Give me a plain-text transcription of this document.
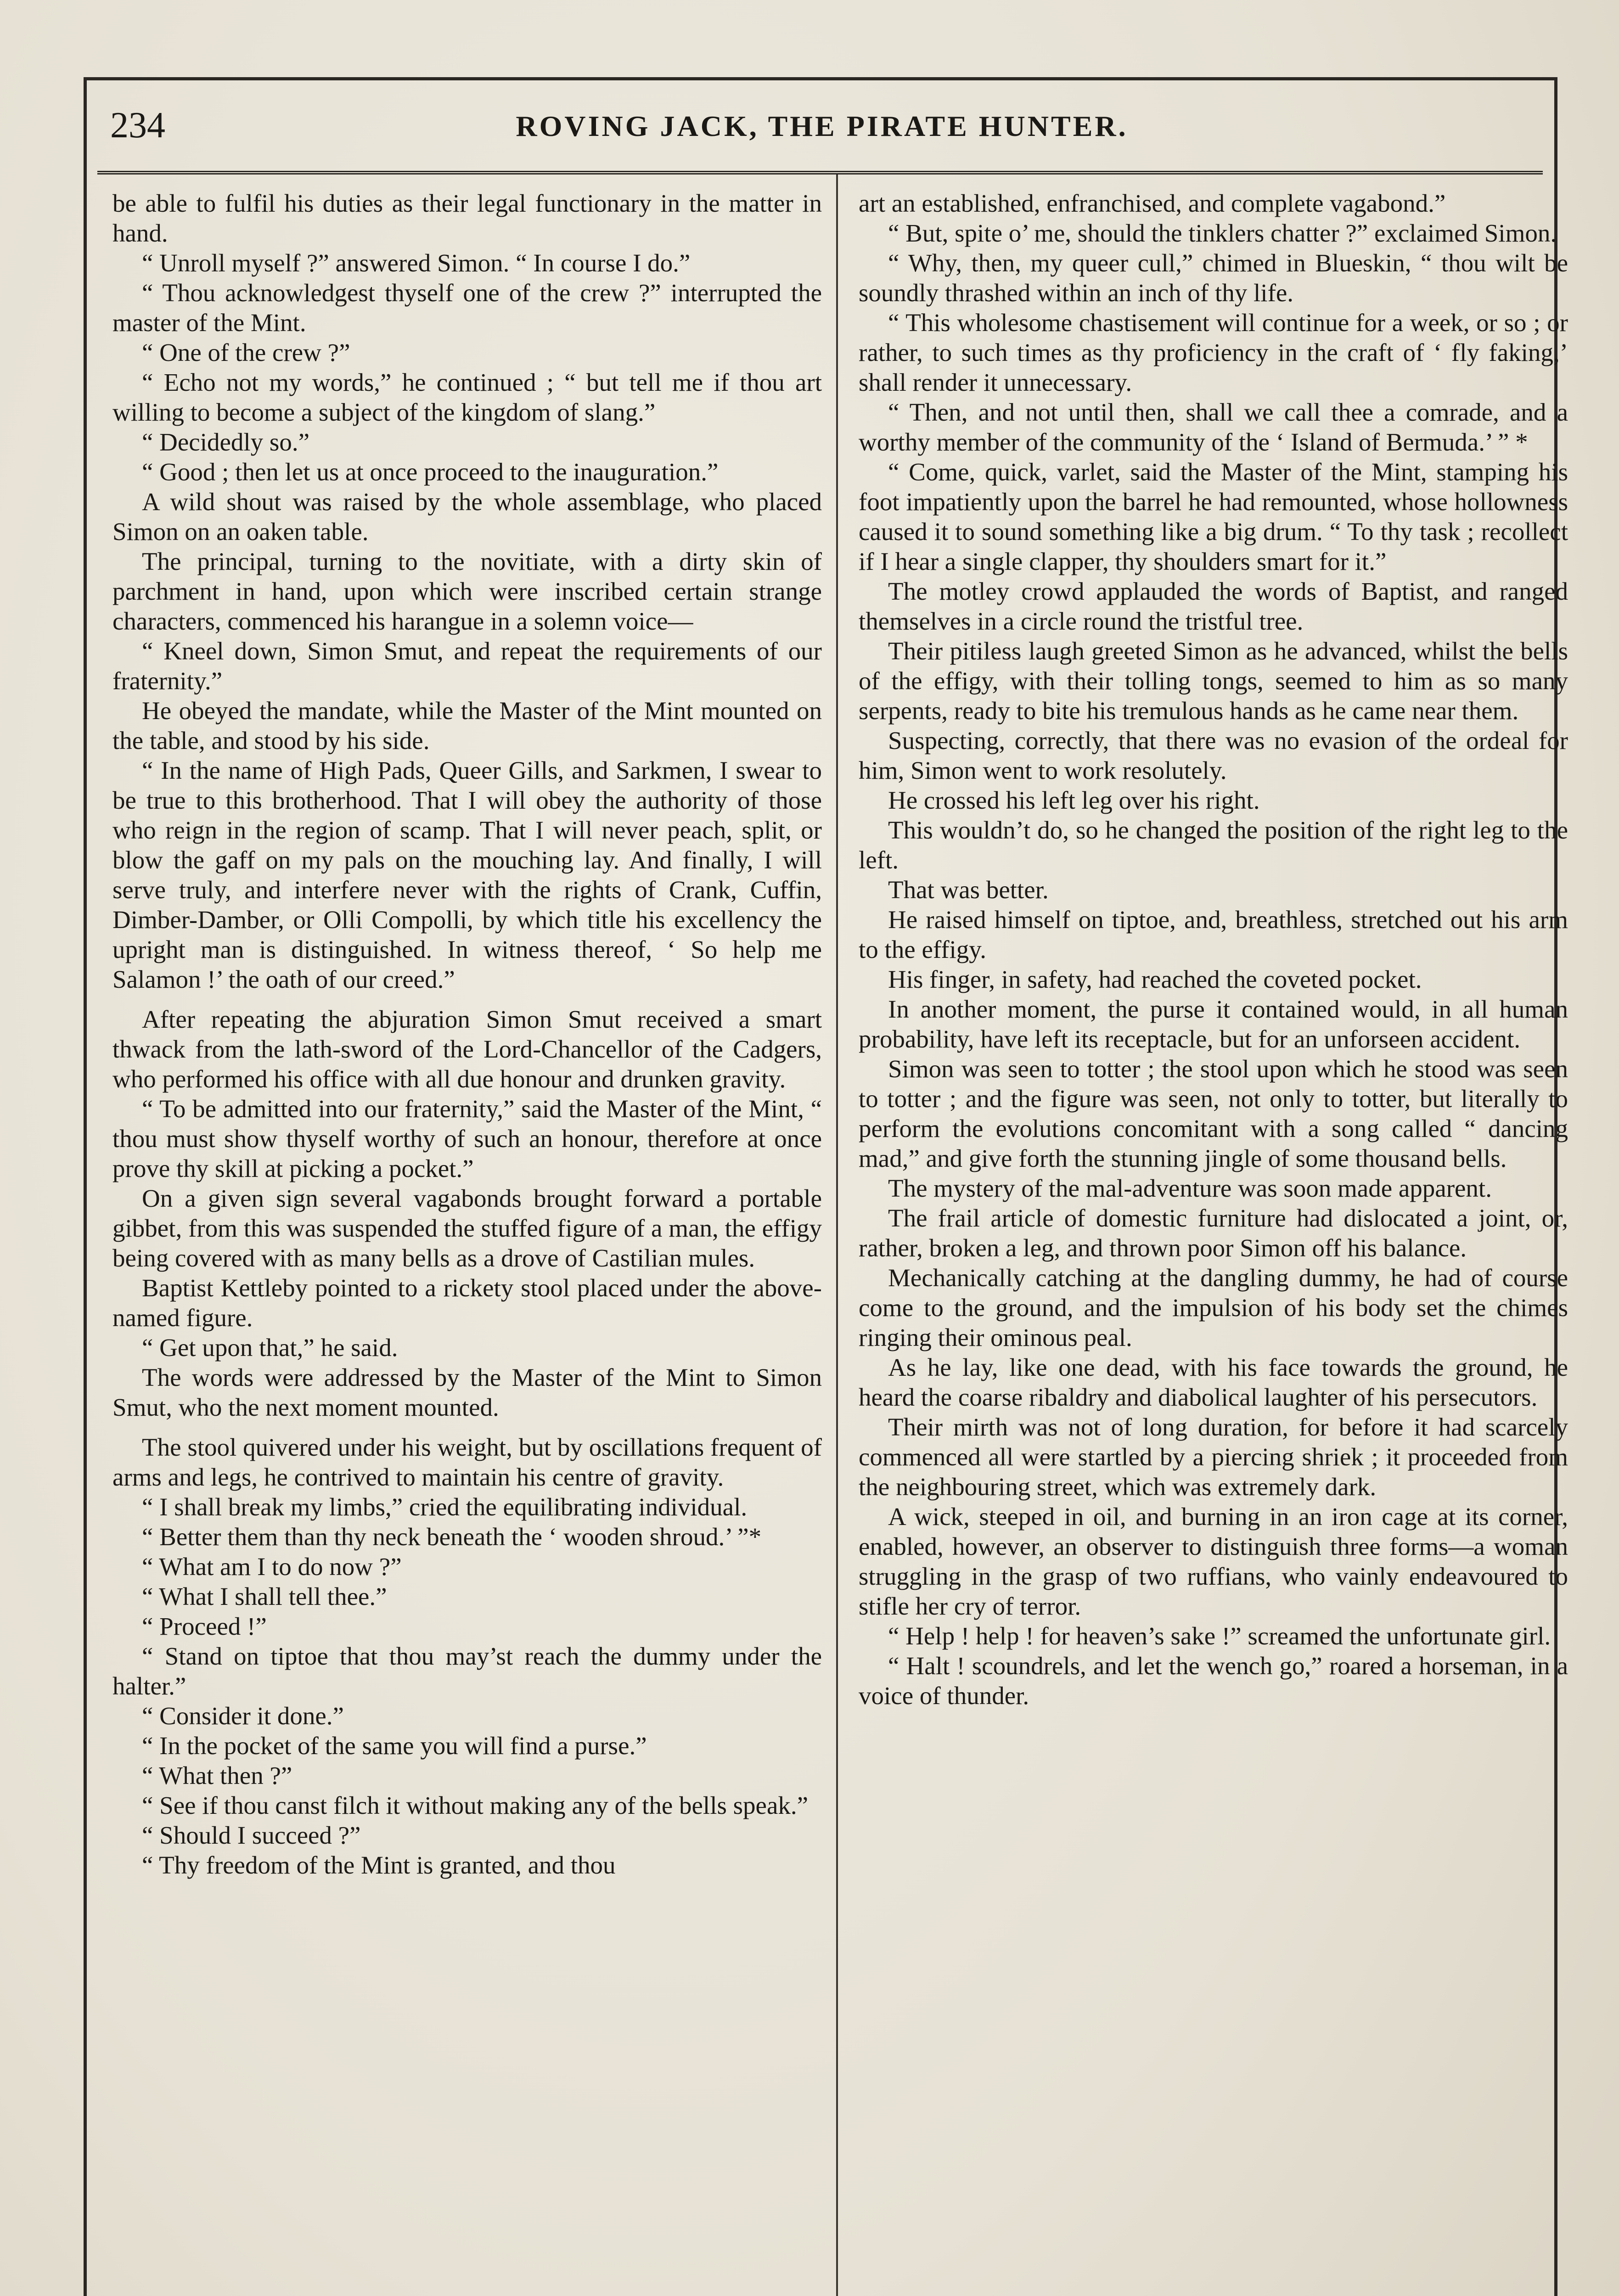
234	ROVING JACK, THE PIRATE HUNTER.

be able to fulfil his duties as their legal functionary in the matter in hand.

“ Unroll myself ?” answered Simon. “ In course I do.”

“ Thou acknowledgest thyself one of the crew ?” interrupted the master of the Mint.

“ One of the crew ?”

“ Echo not my words,” he continued ; “ but tell me if thou art willing to become a subject of the kingdom of slang.”

“ Decidedly so.”

“ Good ; then let us at once proceed to the inauguration.”

A wild shout was raised by the whole assemblage, who placed Simon on an oaken table.

The principal, turning to the novitiate, with a dirty skin of parchment in hand, upon which were inscribed certain strange characters, commenced his harangue in a solemn voice—

“ Kneel down, Simon Smut, and repeat the requirements of our fraternity.”

He obeyed the mandate, while the Master of the Mint mounted on the table, and stood by his side.

“ In the name of High Pads, Queer Gills, and Sarkmen, I swear to be true to this brotherhood. That I will obey the authority of those who reign in the region of scamp. That I will never peach, split, or blow the gaff on my pals on the mouching lay. And finally, I will serve truly, and interfere never with the rights of Crank, Cuffin, Dimber-Damber, or Olli Compolli, by which title his excellency the upright man is distinguished. In witness thereof, ‘ So help me Salamon !’ the oath of our creed.”

After repeating the abjuration Simon Smut received a smart thwack from the lath-sword of the Lord-Chancellor of the Cadgers, who performed his office with all due honour and drunken gravity.

“ To be admitted into our fraternity,” said the Master of the Mint, “ thou must show thyself worthy of such an honour, therefore at once prove thy skill at picking a pocket.”

On a given sign several vagabonds brought forward a portable gibbet, from this was suspended the stuffed figure of a man, the effigy being covered with as many bells as a drove of Castilian mules.

Baptist Kettleby pointed to a rickety stool placed under the above-named figure.

“ Get upon that,” he said.

The words were addressed by the Master of the Mint to Simon Smut, who the next moment mounted.

The stool quivered under his weight, but by oscillations frequent of arms and legs, he contrived to maintain his centre of gravity.

“ I shall break my limbs,” cried the equilibrating individual.

“ Better them than thy neck beneath the ‘ wooden shroud.’ ”*

“ What am I to do now ?”

“ What I shall tell thee.”

“ Proceed !”

“ Stand on tiptoe that thou may’st reach the dummy under the halter.”

“ Consider it done.”

“ In the pocket of the same you will find a purse.”

“ What then ?”

“ See if thou canst filch it without making any of the bells speak.”

“ Should I succeed ?”

“ Thy freedom of the Mint is granted, and thou

art an established, enfranchised, and complete vagabond.”

“ But, spite o’ me, should the tinklers chatter ?” exclaimed Simon.

“ Why, then, my queer cull,” chimed in Blueskin, “ thou wilt be soundly thrashed within an inch of thy life.

“ This wholesome chastisement will continue for a week, or so ; or rather, to such times as thy proficiency in the craft of ‘ fly faking,’ shall render it unnecessary.

“ Then, and not until then, shall we call thee a comrade, and a worthy member of the community of the ‘ Island of Bermuda.’ ” *

“ Come, quick, varlet, said the Master of the Mint, stamping his foot impatiently upon the barrel he had remounted, whose hollowness caused it to sound something like a big drum. “ To thy task ; recollect if I hear a single clapper, thy shoulders smart for it.”

The motley crowd applauded the words of Baptist, and ranged themselves in a circle round the tristful tree.

Their pitiless laugh greeted Simon as he advanced, whilst the bells of the effigy, with their tolling tongs, seemed to him as so many serpents, ready to bite his tremulous hands as he came near them.

Suspecting, correctly, that there was no evasion of the ordeal for him, Simon went to work resolutely.

He crossed his left leg over his right.

This wouldn’t do, so he changed the position of the right leg to the left.

That was better.

He raised himself on tiptoe, and, breathless, stretched out his arm to the effigy.

His finger, in safety, had reached the coveted pocket.

In another moment, the purse it contained would, in all human probability, have left its receptacle, but for an unforseen accident.

Simon was seen to totter ; the stool upon which he stood was seen to totter ; and the figure was seen, not only to totter, but literally to perform the evolutions concomitant with a song called “ dancing mad,” and give forth the stunning jingle of some thousand bells.

The mystery of the mal-adventure was soon made apparent.

The frail article of domestic furniture had dislocated a joint, or, rather, broken a leg, and thrown poor Simon off his balance.

Mechanically catching at the dangling dummy, he had of course come to the ground, and the impulsion of his body set the chimes ringing their ominous peal.

As he lay, like one dead, with his face towards the ground, he heard the coarse ribaldry and diabolical laughter of his persecutors.

Their mirth was not of long duration, for before it had scarcely commenced all were startled by a piercing shriek ; it proceeded from the neighbouring street, which was extremely dark.

A wick, steeped in oil, and burning in an iron cage at its corner, enabled, however, an observer to distinguish three forms—a woman struggling in the grasp of two ruffians, who vainly endeavoured to stifle her cry of terror.

“ Help ! help ! for heaven’s sake !” screamed the unfortunate girl.

“ Halt ! scoundrels, and let the wench go,” roared a horseman, in a voice of thunder.
